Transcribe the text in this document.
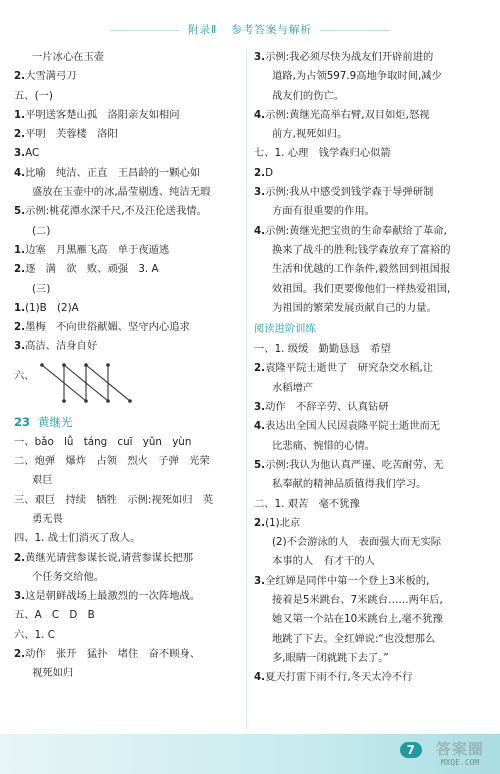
附录Ⅱ 参考答案与解析
一片冰心在玉壶
2.大雪满弓刀
五、(一)
1.平明送客楚山孤　洛阳亲友如相问
2.平明　芙蓉楼　洛阳
3.AC
4.比喻　纯洁、正直　王昌龄的一颗心如
盛放在玉壶中的冰,晶莹剔透、纯洁无瑕
5.示例:桃花潭水深千尺,不及汪伦送我情。
(二)
1.边塞　月黑雁飞高　单于夜遁逃
2.逐　满　欲　败、顽强　3. A
(三)
1.(1)B　(2)A
2.墨梅　不向世俗献媚、坚守内心追求
3.高洁、洁身自好
六、
23 黄继光
一、bǎo　lǚ　táng　cuī　yǔn　yùn
二、炮弹　爆炸　占领　烈火　子弹　光荣
艰巨
三、艰巨　持续　牺牲　示例:视死如归　英
勇无畏
四、1. 战士们消灭了敌人。
2.黄继光请营参谋长说,请营参谋长把那
个任务交给他。
3.这是朝鲜战场上最激烈的一次阵地战。
五、A　C　D　B
六、1. C
2.动作　张开　猛扑　堵住　奋不顾身、
视死如归
3.示例:我必须尽快为战友们开辟前进的
道路,为占领597.9高地争取时间,减少
战友们的伤亡。
4.示例:黄继光高举右臂,双目如炬,怒视
前方,视死如归。
七、1. 心理　钱学森归心似箭
2.D
3.示例:我从中感受到钱学森于导弹研制
方面有很重要的作用。
4.示例:黄继光把宝贵的生命奉献给了革命,
换来了战斗的胜利;钱学森放弃了富裕的
生活和优越的工作条件,毅然回到祖国报
效祖国。我们更要像他们一样热爱祖国,
为祖国的繁荣发展贡献自己的力量。
阅读进阶训练
一、1. 级缓　勤勤恳恳　希望
2.袁隆平院士逝世了　研究杂交水稻,让
水稻增产
3.动作　不辞辛劳、认真钻研
4.表达出全国人民因袁隆平院士逝世而无
比悲痛、惋惜的心情。
5.示例:我认为他认真严谨、吃苦耐劳、无
私奉献的精神品质值得我们学习。
二、1. 艰苦　毫不犹豫
2.(1)北京
(2)不会游泳的人　表面强大而无实际
本事的人　有才干的人
3.全红婵是同伴中第一个登上3米板的,
接着是5米跳台、7米跳台……两年后,
她又第一个站在10米跳台上,毫不犹豫
地跳了下去。全红婵说:“也没想那么
多,眼睛一闭就跳下去了。”
4.夏天打雷下雨不行,冬天太冷不行
7	答案圈
MXQE.COM
